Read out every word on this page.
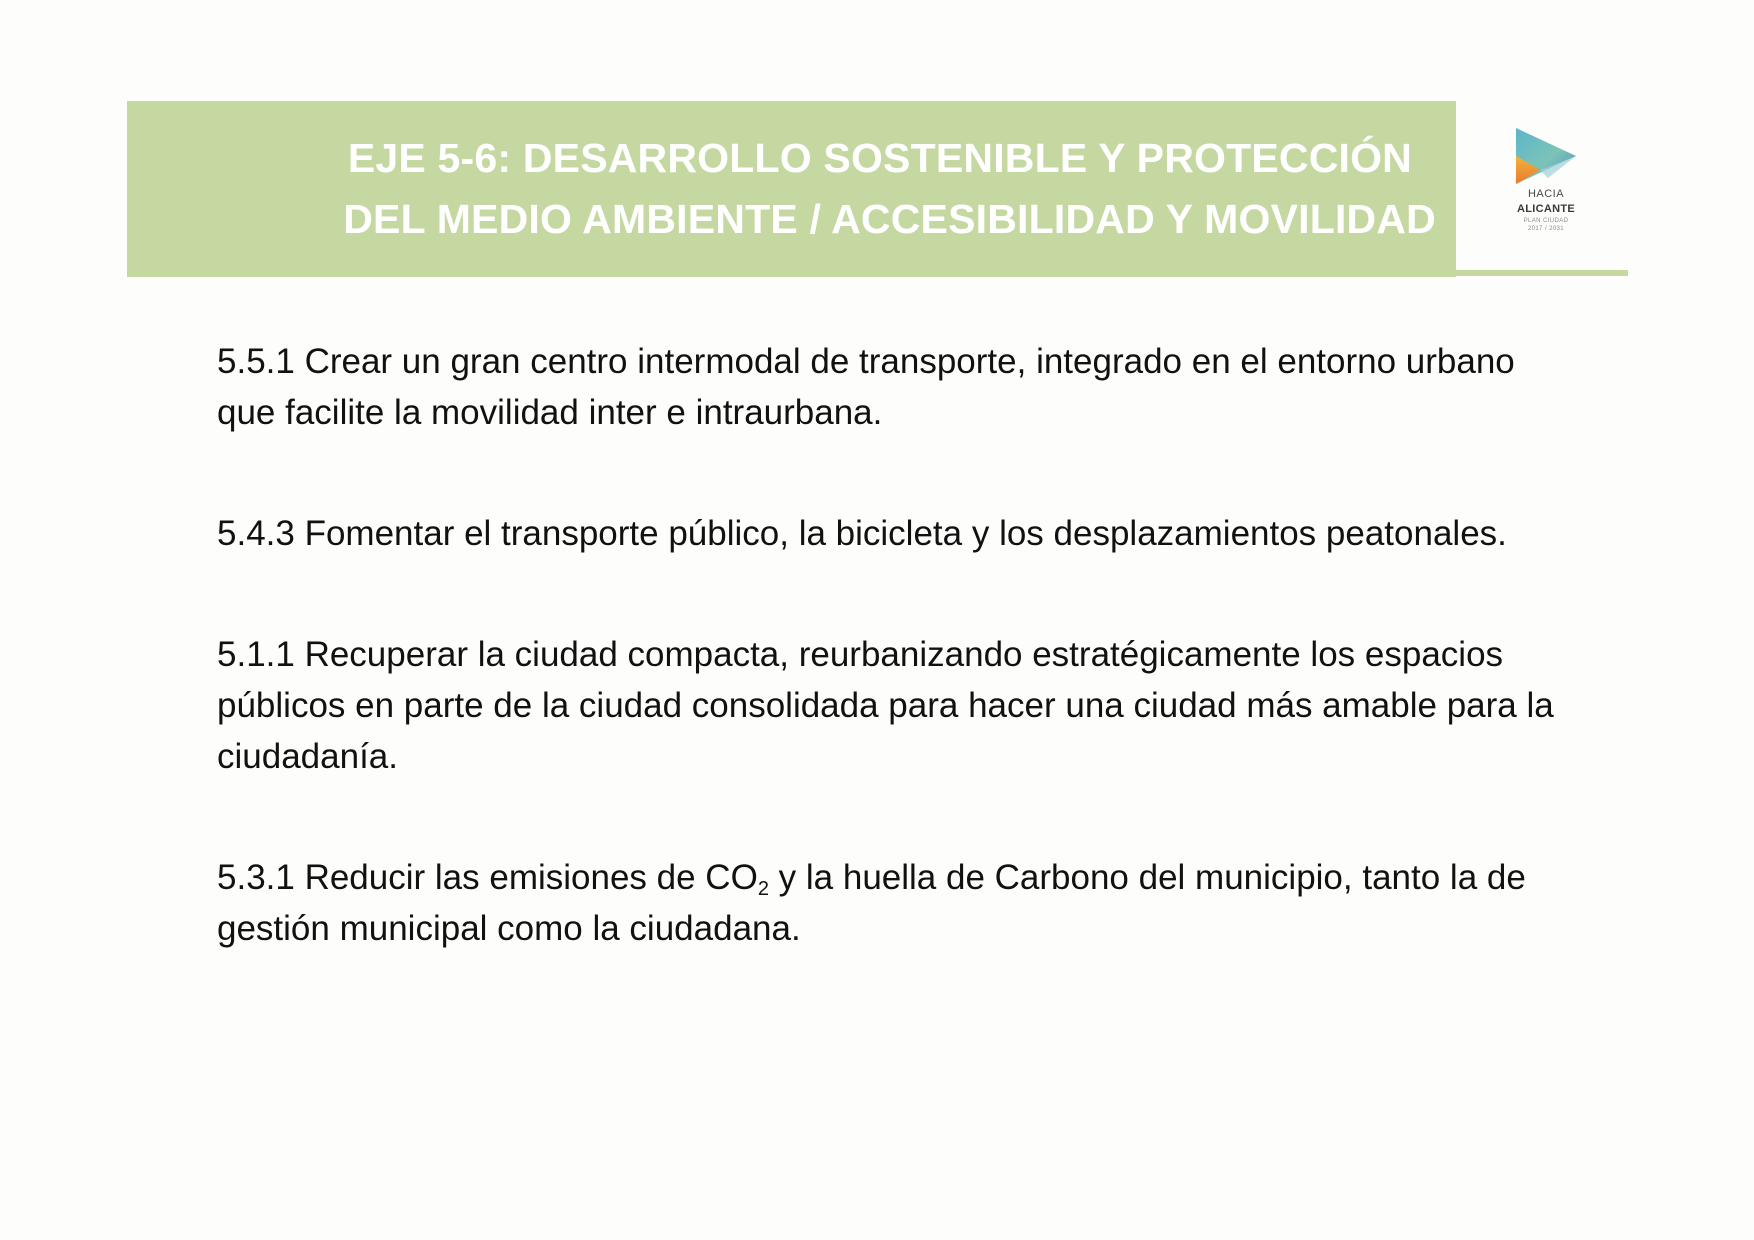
EJE 5-6: DESARROLLO SOSTENIBLE Y PROTECCIÓN
DEL MEDIO AMBIENTE / ACCESIBILIDAD Y MOVILIDAD
HACIA
ALICANTE
PLAN CIUDAD
2017 / 2031

5.5.1 Crear un gran centro intermodal de transporte, integrado en el entorno urbano que facilite la movilidad inter e intraurbana.

5.4.3 Fomentar el transporte público, la bicicleta y los desplazamientos peatonales.

5.1.1 Recuperar la ciudad compacta, reurbanizando estratégicamente los espacios públicos en parte de la ciudad consolidada para hacer una ciudad más amable para la ciudadanía.

5.3.1 Reducir las emisiones de $CO_2$ y la huella de Carbono del municipio, tanto la de gestión municipal como la ciudadana.
